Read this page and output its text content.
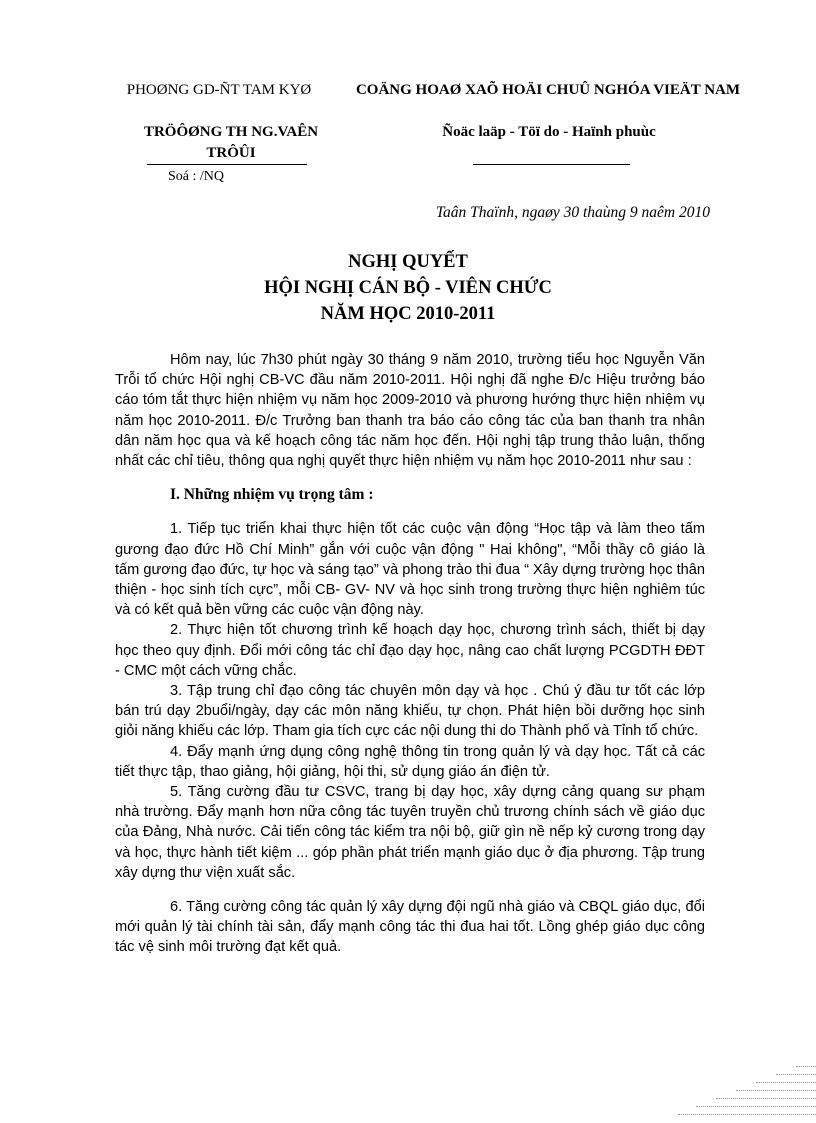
PHOØNG GD-ÑT TAM KYØ
TRÖÔØNG TH NG.VAÊN TRÔÛI
Soá : /NQ
COÄNG HOAØ XAÕ HOÄI CHUÛ NGHÓA VIEÄT NAM
Ñoäc laäp - Töï do - Haïnh phuùc
Taân Thaïnh, ngaøy 30 thaùng 9 naêm 2010
NGHỊ QUYẾT
HỘI NGHỊ CÁN BỘ - VIÊN CHỨC
NĂM HỌC 2010-2011

Hôm nay, lúc 7h30 phút ngày 30 tháng 9 năm 2010, trường tiểu học Nguyễn Văn Trỗi tổ chức Hội nghị CB-VC đầu năm 2010-2011. Hội nghị đã nghe Đ/c Hiệu trưởng báo cáo tóm tắt thực hiện nhiệm vụ năm học 2009-2010 và phương hướng thực hiện nhiệm vụ năm học 2010-2011. Đ/c Trưởng ban thanh tra báo cáo công tác của ban thanh tra nhân dân năm học qua và kế hoạch công tác năm học đến. Hội nghị tập trung thảo luận, thống nhất các chỉ tiêu, thông qua nghị quyết thực hiện nhiệm vụ năm học 2010-2011 như sau :

I. Những nhiệm vụ trọng tâm :

1. Tiếp tục triển khai thực hiện tốt các cuộc vận động “Học tập và làm theo tấm gương đạo đức Hồ Chí Minh” gắn với cuộc vận động " Hai không", “Mỗi thầy cô giáo là tấm gương đạo đức, tự học và sáng tạo” và phong trào thi đua “ Xây dựng trường học thân thiện - học sinh tích cực”, mỗi CB- GV- NV và học sinh trong trường thực hiện nghiêm túc và có kết quả bền vững các cuộc vận động này.

2. Thực hiện tốt chương trình kế hoạch dạy học, chương trình sách, thiết bị dạy học theo quy định. Đổi mới công tác chỉ đạo dạy học, nâng cao chất lượng PCGDTH ĐĐT - CMC một cách vững chắc.

3. Tập trung chỉ đạo công tác chuyên môn dạy và học . Chú ý đầu tư tốt các lớp bán trú dạy 2buổi/ngày, dạy các môn năng khiếu, tự chọn. Phát hiện bồi dưỡng học sinh giỏi năng khiếu các lớp. Tham gia tích cực các nội dung thi do Thành phố và Tỉnh tổ chức.

4. Đẩy mạnh ứng dụng công nghệ thông tin trong quản lý và dạy học. Tất cả các tiết thực tập, thao giảng, hội giảng, hội thi, sử dụng giáo án điện tử.

5. Tăng cường đầu tư CSVC, trang bị dạy học, xây dựng cảng quang sư phạm nhà trường. Đẩy mạnh hơn nữa công tác tuyên truyền chủ trương chính sách về giáo dục của Đảng, Nhà nước. Cải tiến công tác kiểm tra nội bộ, giữ gìn nề nếp kỷ cương trong dạy và học, thực hành tiết kiệm ... góp phần phát triển mạnh giáo dục ở địa phương. Tập trung xây dựng thư viện xuất sắc.

6. Tăng cường công tác quản lý xây dựng đội ngũ nhà giáo và CBQL giáo dục, đổi mới quản lý tài chính tài sản, đẩy mạnh công tác thi đua hai tốt. Lồng ghép giáo dục công tác vệ sinh môi trường đạt kết quả.
